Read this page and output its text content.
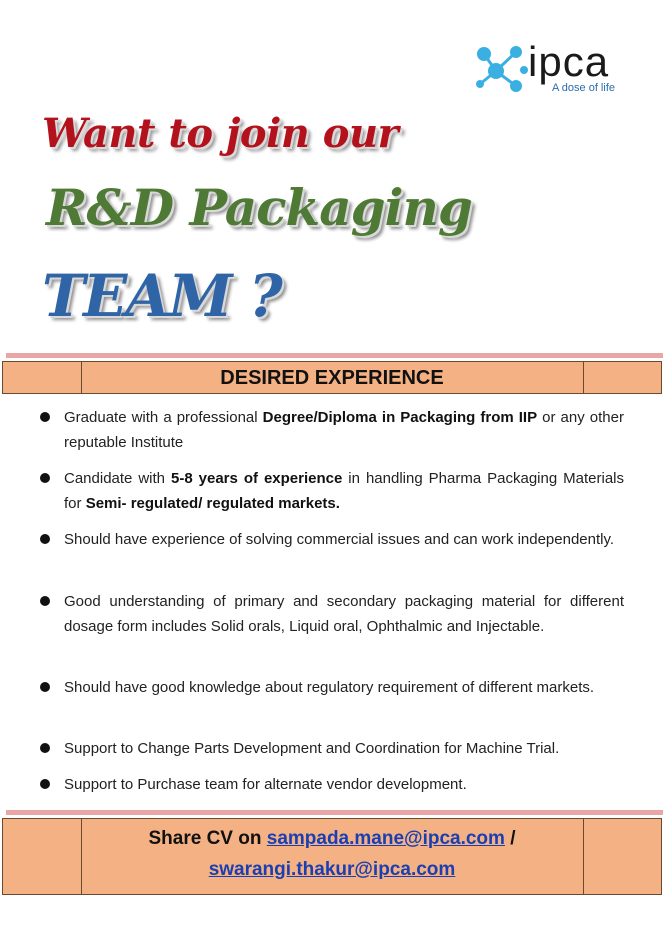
ipca
A dose of life
Want to join our
R&D Packaging
TEAM ?
DESIRED EXPERIENCE
Graduate with a professional Degree/Diploma in Packaging from IIP or any other reputable Institute
Candidate with 5-8 years of experience in handling Pharma Packaging Materials for Semi- regulated/ regulated markets.
Should have experience of solving commercial issues and can work independently.
Good understanding of primary and secondary packaging material for different dosage form includes Solid orals, Liquid oral, Ophthalmic and Injectable.
Should have good knowledge about regulatory requirement of different markets.
Support to Change Parts Development and Coordination for Machine Trial.
Support to Purchase team for alternate vendor development.
Share CV on sampada.mane@ipca.com /
swarangi.thakur@ipca.com
